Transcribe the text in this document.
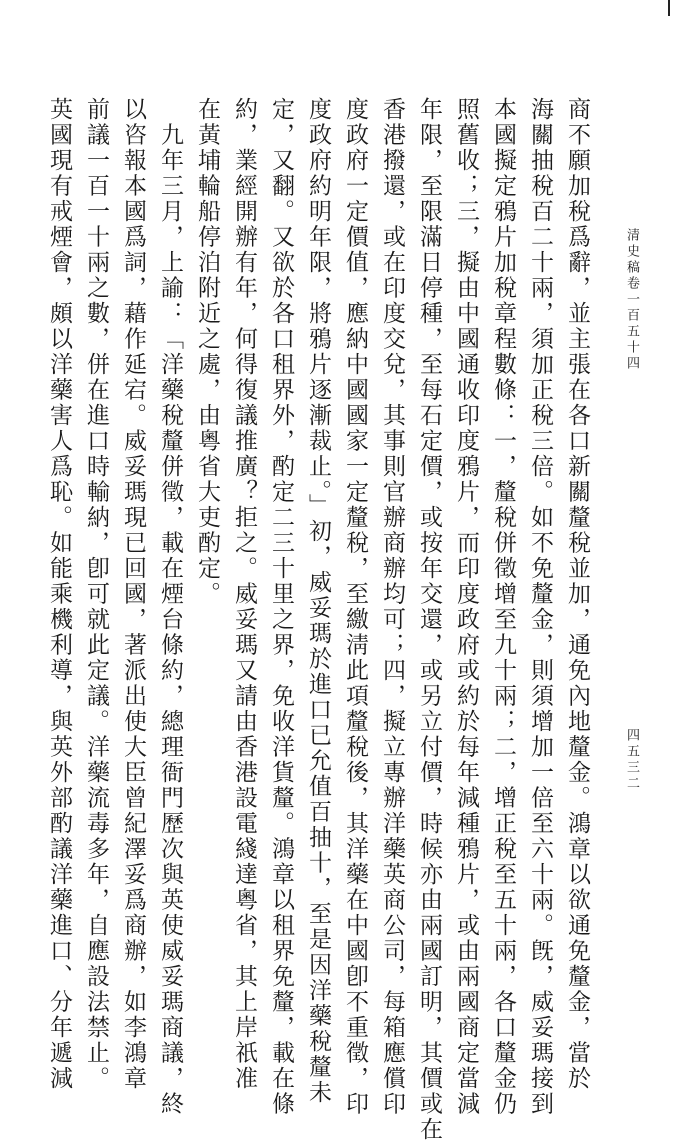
清史稿卷一百五十四
四五三二
商不願加稅爲辭，並主張在各口新關釐稅並加，通免內地釐金。鴻章以欲通免釐金，當於
海關抽稅百二十兩，須加正稅三倍。如不免釐金，則須增加一倍至六十兩。旣，威妥瑪接到
本國擬定鴉片加稅章程數條：一，釐稅併徵增至九十兩；二，增正稅至五十兩，各口釐金仍
照舊收；三，擬由中國通收印度鴉片，而印度政府或約於每年減種鴉片，或由兩國商定當減
年限，至限滿日停種，至每石定價，或按年交還，或另立付價，時候亦由兩國訂明，其價或在
香港撥還，或在印度交兌，其事則官辦商辦均可；四，擬立專辦洋藥英商公司，每箱應償印
度政府一定價值，應納中國國家一定釐稅，至繳淸此項釐稅後，其洋藥在中國卽不重徵，印
度政府約明年限，將鴉片逐漸裁止。」初，威妥瑪於進口已允值百抽十，至是因洋藥稅釐未
定，又翻。又欲於各口租界外，酌定二三十里之界，免收洋貨釐。鴻章以租界免釐，載在條
約，業經開辦有年，何得復議推廣？拒之。威妥瑪又請由香港設電綫達粵省，其上岸祇准
在黃埔輪船停泊附近之處，由粵省大吏酌定。
　九年三月，上諭：「洋藥稅釐併徵，載在煙台條約，總理衙門歷次與英使威妥瑪商議，終
以咨報本國爲詞，藉作延宕。威妥瑪現已回國，著派出使大臣曾紀澤妥爲商辦，如李鴻章
前議一百一十兩之數，併在進口時輸納，卽可就此定議。洋藥流毒多年，自應設法禁止。
英國現有戒煙會，頗以洋藥害人爲恥。如能乘機利導，與英外部酌議洋藥進口、分年遞減
